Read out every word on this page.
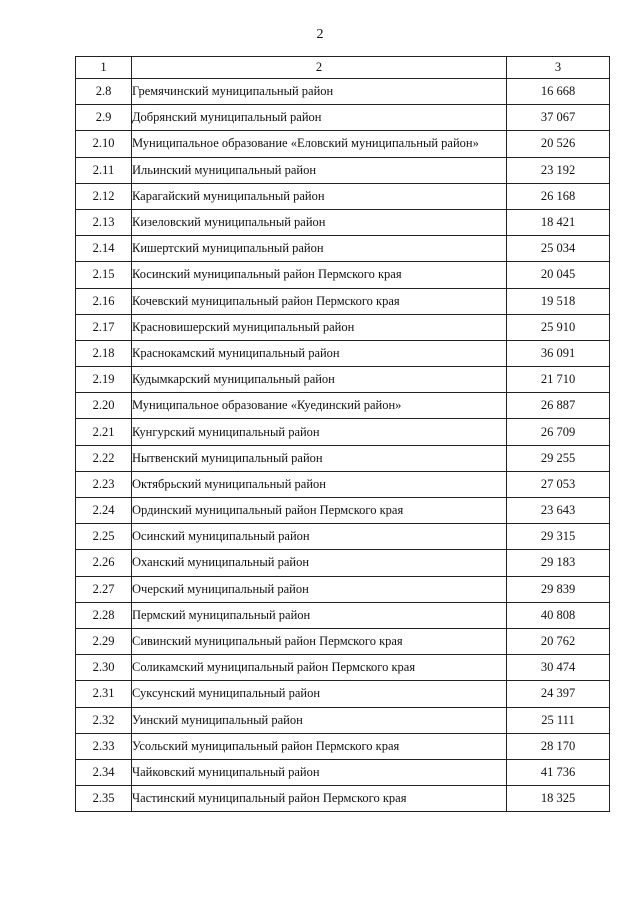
2
1	2	3
2.8	Гремячинский муниципальный район	16 668
2.9	Добрянский муниципальный район	37 067
2.10	Муниципальное образование «Еловский муниципальный район»	20 526
2.11	Ильинский муниципальный район	23 192
2.12	Карагайский муниципальный район	26 168
2.13	Кизеловский муниципальный район	18 421
2.14	Кишертский муниципальный район	25 034
2.15	Косинский муниципальный район Пермского края	20 045
2.16	Кочевский муниципальный район Пермского края	19 518
2.17	Красновишерский муниципальный район	25 910
2.18	Краснокамский муниципальный район	36 091
2.19	Кудымкарский муниципальный район	21 710
2.20	Муниципальное образование «Куединский район»	26 887
2.21	Кунгурский муниципальный район	26 709
2.22	Нытвенский муниципальный район	29 255
2.23	Октябрьский муниципальный район	27 053
2.24	Ординский муниципальный район Пермского края	23 643
2.25	Осинский муниципальный район	29 315
2.26	Оханский муниципальный район	29 183
2.27	Очерский муниципальный район	29 839
2.28	Пермский муниципальный район	40 808
2.29	Сивинский муниципальный район Пермского края	20 762
2.30	Соликамский муниципальный район Пермского края	30 474
2.31	Суксунский муниципальный район	24 397
2.32	Уинский муниципальный район	25 111
2.33	Усольский муниципальный район Пермского края	28 170
2.34	Чайковский муниципальный район	41 736
2.35	Частинский муниципальный район Пермского края	18 325
